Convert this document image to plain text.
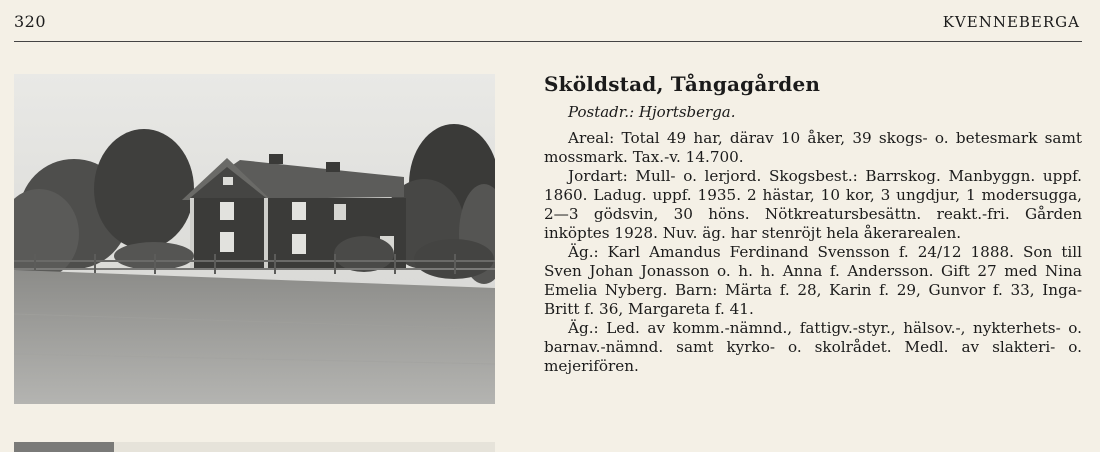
320	KVENNEBERGA
Sköldstad, Tångagården
Postadr.: Hjortsberga.

Areal: Total 49 har, därav 10 åker, 39 skogs- o. betesmark samt mossmark. Tax.-v. 14.700.

Jordart: Mull- o. lerjord. Skogsbest.: Barrskog. Manbyggn. uppf. 1860. Ladug. uppf. 1935. 2 hästar, 10 kor, 3 ungdjur, 1 modersugga, 2—3 gödsvin, 30 höns. Nötkreatursbesättn. reakt.-fri. Gården inköptes 1928. Nuv. äg. har stenröjt hela åkerarealen.

Äg.: Karl Amandus Ferdinand Svensson f. 24/12 1888. Son till Sven Johan Jonasson o. h. h. Anna f. Andersson. Gift 27 med Nina Emelia Nyberg. Barn: Märta f. 28, Karin f. 29, Gunvor f. 33, Inga-Britt f. 36, Margareta f. 41.

Äg.: Led. av komm.-nämnd., fattigv.-styr., hälsov.-, nykterhets- o. barnav.-nämnd. samt kyrko- o. skolrådet. Medl. av slakteri- o. mejerifören.
